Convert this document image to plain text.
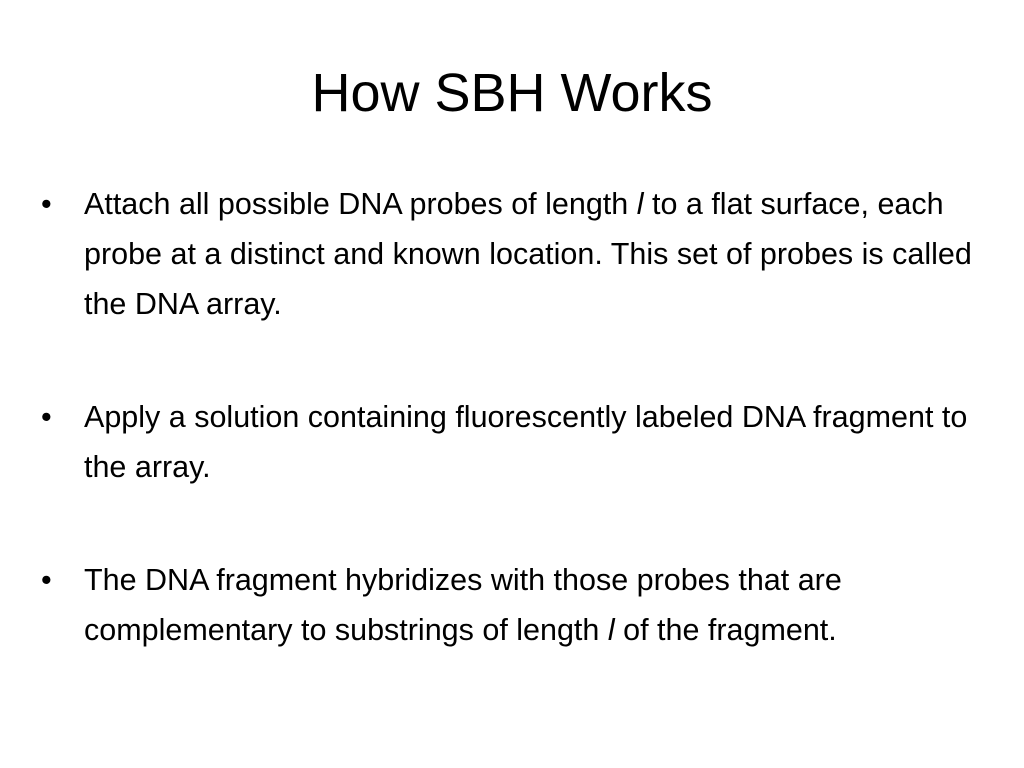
How SBH Works
• Attach all possible DNA probes of length l to a flat surface, each probe at a distinct and known location. This set of probes is called the DNA array.
• Apply a solution containing fluorescently labeled DNA fragment to the array.
• The DNA fragment hybridizes with those probes that are complementary to substrings of length l of the fragment.
